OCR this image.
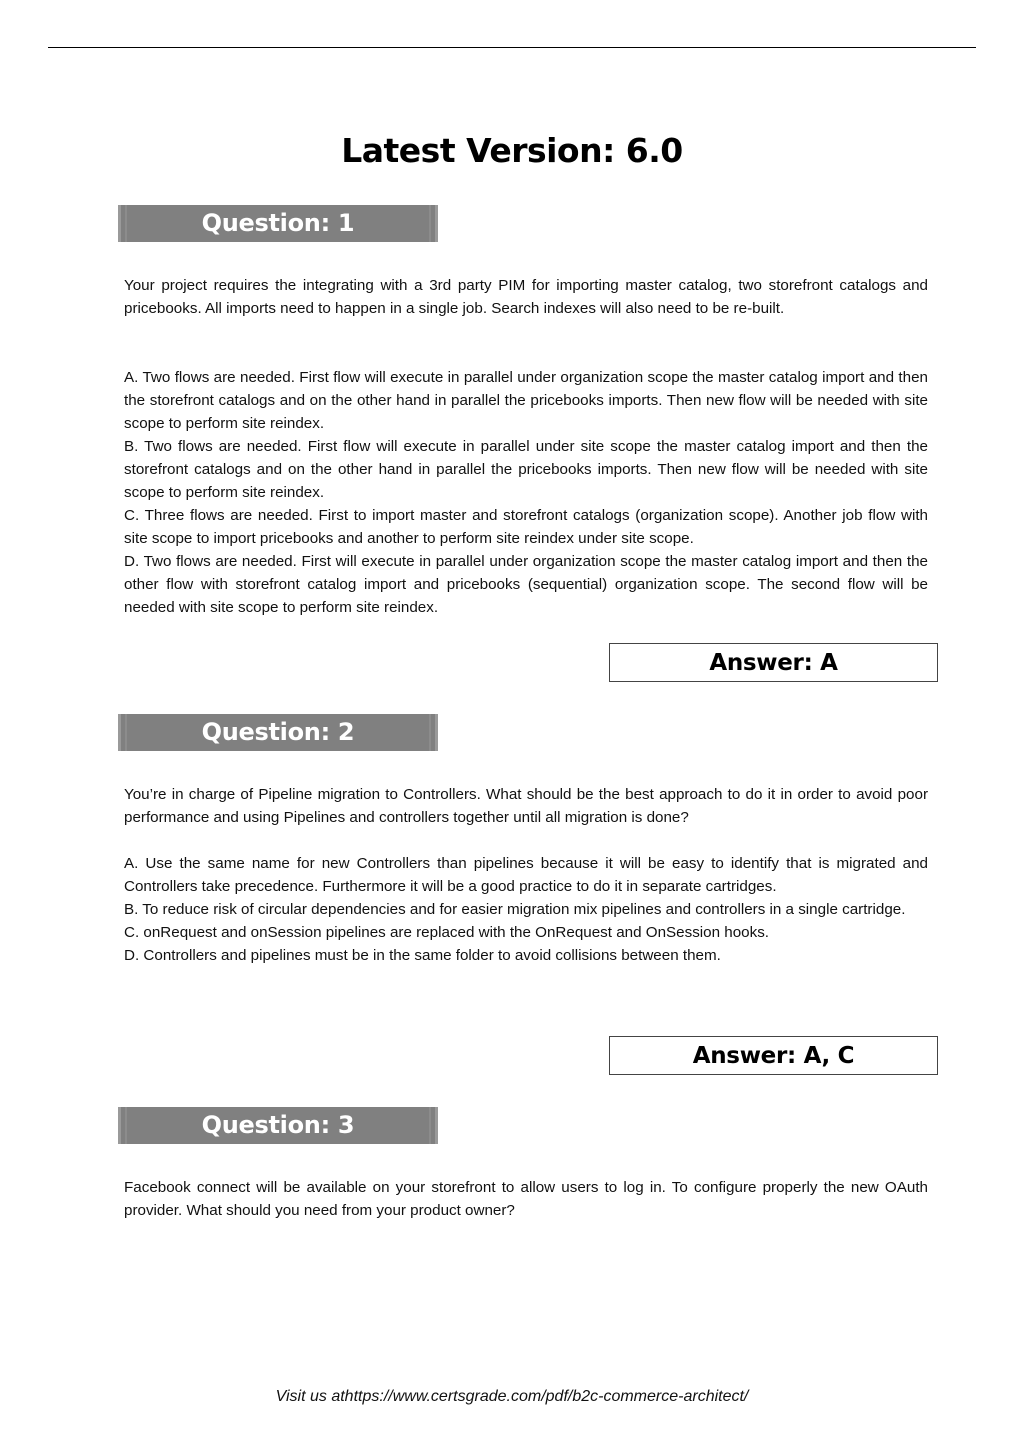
Latest Version: 6.0
Question: 1

Your project requires the integrating with a 3rd party PIM for importing master catalog, two storefront catalogs and pricebooks. All imports need to happen in a single job. Search indexes will also need to be re-built.

A. Two flows are needed. First flow will execute in parallel under organization scope the master catalog import and then the storefront catalogs and on the other hand in parallel the pricebooks imports. Then new flow will be needed with site scope to perform site reindex.

B. Two flows are needed. First flow will execute in parallel under site scope the master catalog import and then the storefront catalogs and on the other hand in parallel the pricebooks imports. Then new flow will be needed with site scope to perform site reindex.

C. Three flows are needed. First to import master and storefront catalogs (organization scope). Another job flow with site scope to import pricebooks and another to perform site reindex under site scope.

D. Two flows are needed. First will execute in parallel under organization scope the master catalog import and then the other flow with storefront catalog import and pricebooks (sequential) organization scope. The second flow will be needed with site scope to perform site reindex.

Answer: A
Question: 2

You’re in charge of Pipeline migration to Controllers. What should be the best approach to do it in order to avoid poor performance and using Pipelines and controllers together until all migration is done?

A. Use the same name for new Controllers than pipelines because it will be easy to identify that is migrated and Controllers take precedence. Furthermore it will be a good practice to do it in separate cartridges.

B. To reduce risk of circular dependencies and for easier migration mix pipelines and controllers in a single cartridge.

C. onRequest and onSession pipelines are replaced with the OnRequest and OnSession hooks.

D. Controllers and pipelines must be in the same folder to avoid collisions between them.

Answer: A, C
Question: 3

Facebook connect will be available on your storefront to allow users to log in. To configure properly the new OAuth provider. What should you need from your product owner?

Visit us athttps://www.certsgrade.com/pdf/b2c-commerce-architect/
